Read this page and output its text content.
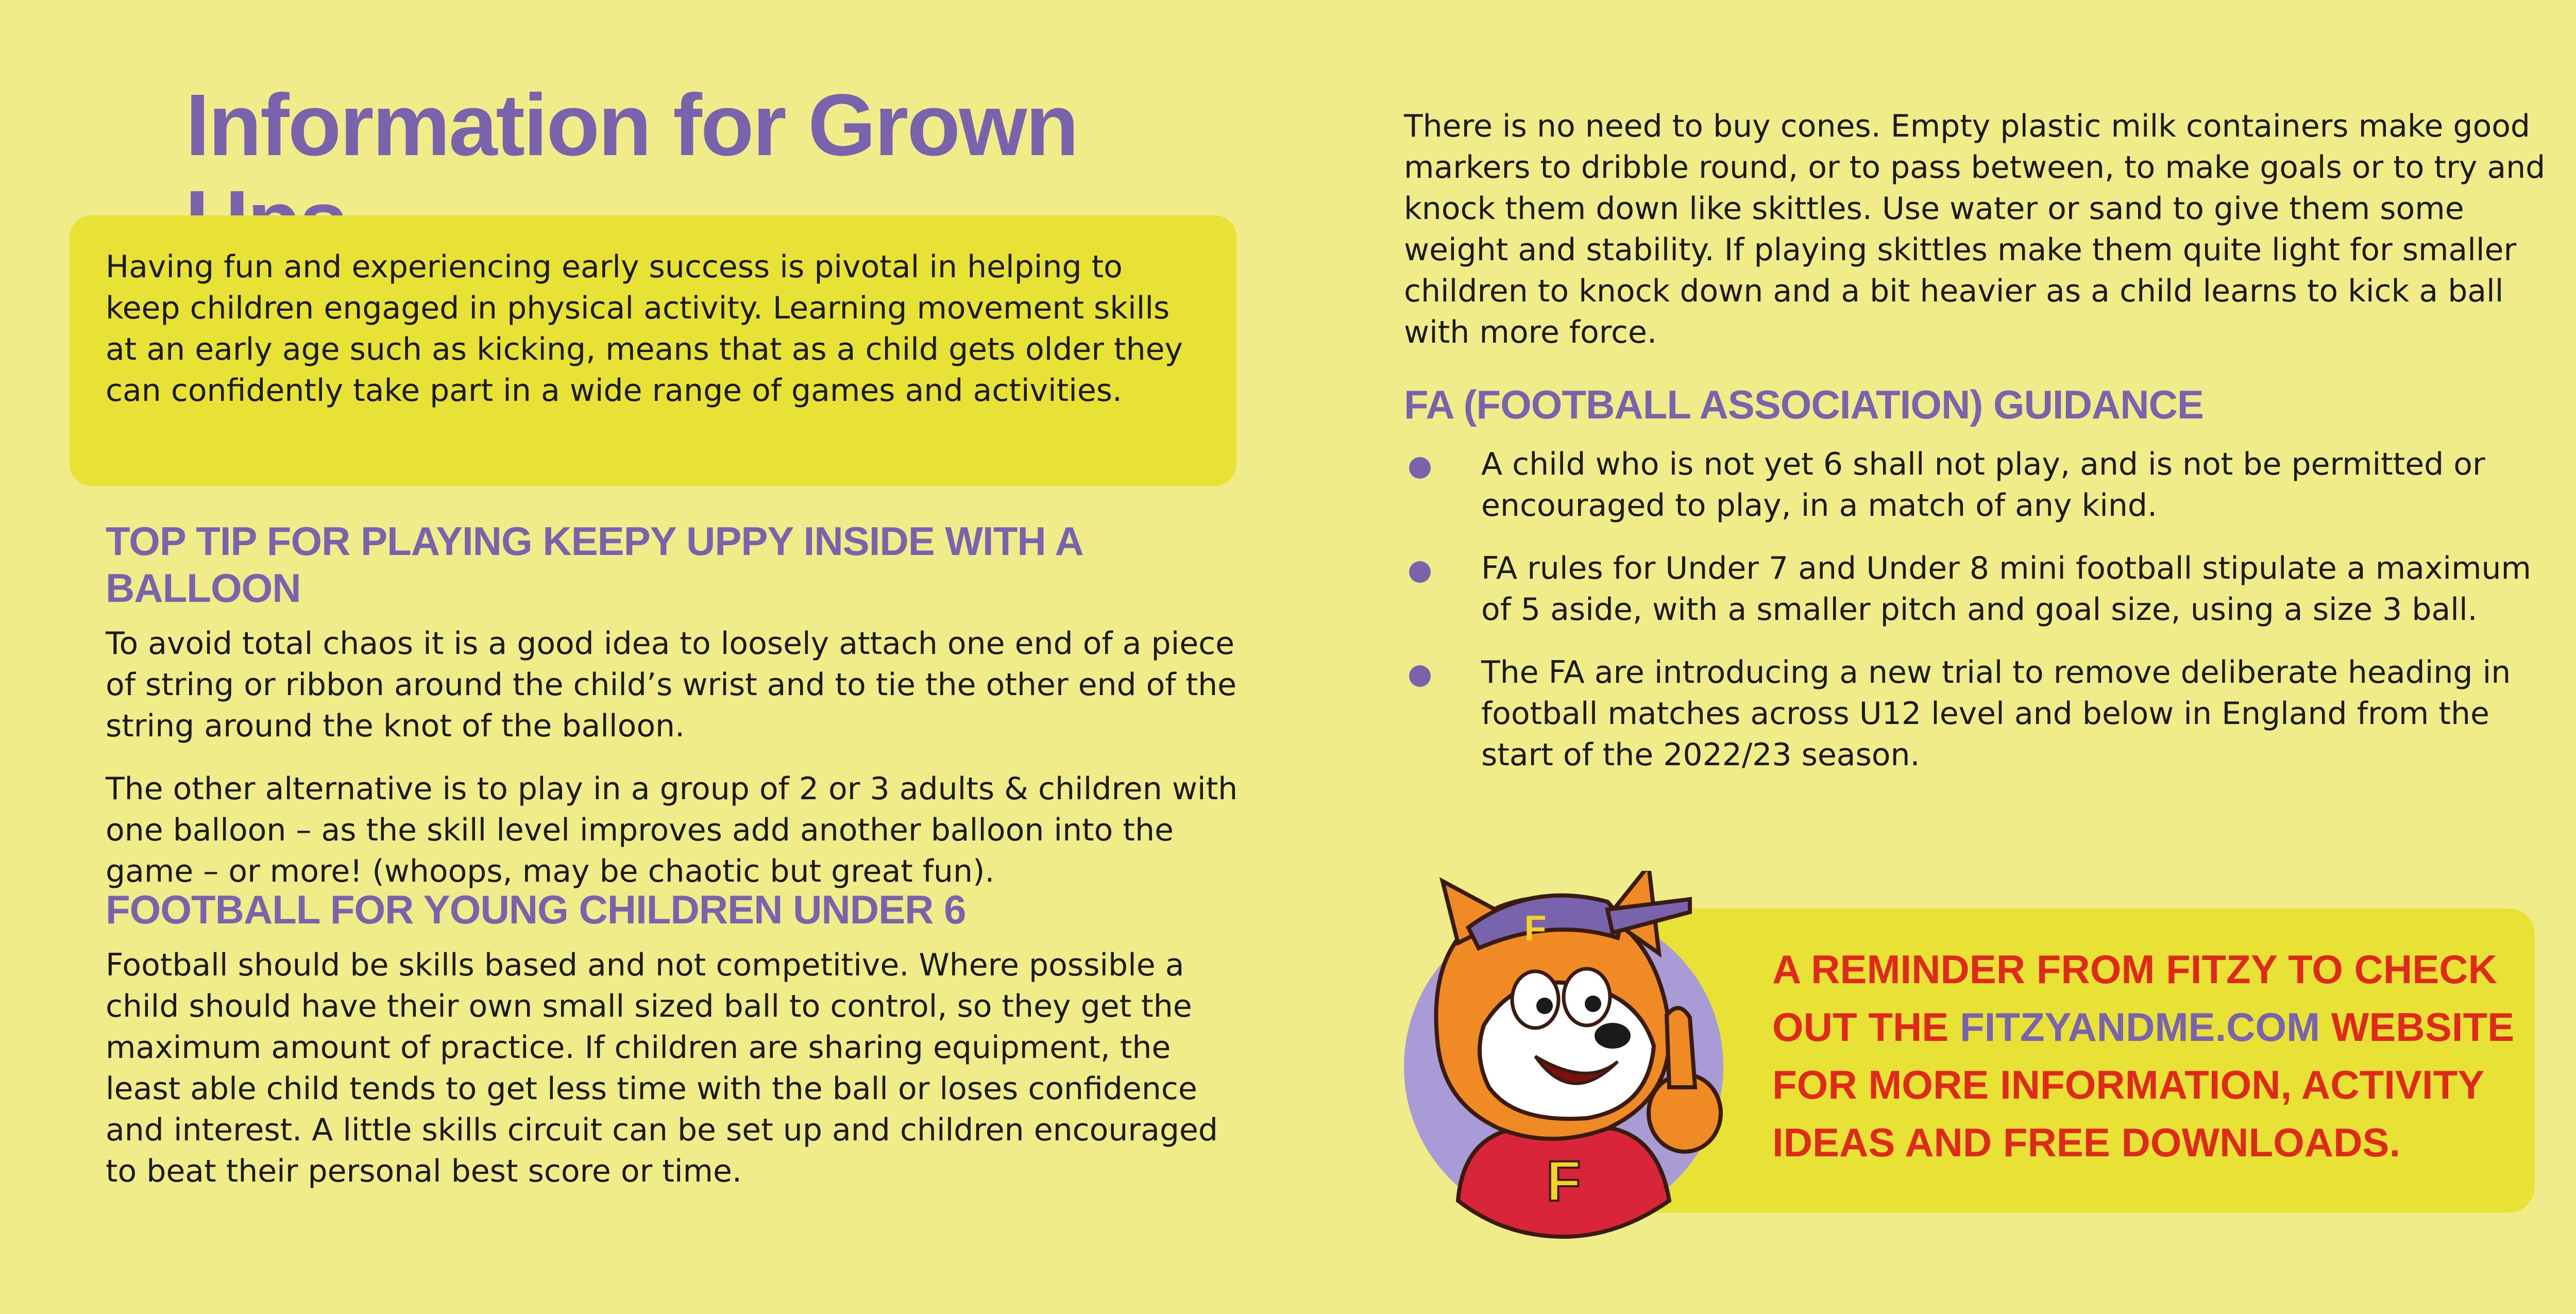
Information for Grown

Having fun and experiencing early success is pivotal in helping to keep children engaged in physical activity. Learning movement skills at an early age such as kicking, means that as a child gets older they can confidently take part in a wide range of games and activities.

TOP TIP FOR PLAYING KEEPY UPPY INSIDE WITH A BALLOON

To avoid total chaos it is a good idea to loosely attach one end of a piece of string or ribbon around the child’s wrist and to tie the other end of the string around the knot of the balloon.

The other alternative is to play in a group of 2 or 3 adults & children with one balloon – as the skill level improves add another balloon into the game – or more! (whoops, may be chaotic but great fun).

FOOTBALL FOR YOUNG CHILDREN UNDER 6

Football should be skills based and not competitive. Where possible a child should have their own small sized ball to control, so they get the maximum amount of practice. If children are sharing equipment, the least able child tends to get less time with the ball or loses confidence and interest. A little skills circuit can be set up and children encouraged to beat their personal best score or time.

There is no need to buy cones. Empty plastic milk containers make good markers to dribble round, or to pass between, to make goals or to try and knock them down like skittles. Use water or sand to give them some weight and stability. If playing skittles make them quite light for smaller children to knock down and a bit heavier as a child learns to kick a ball with more force.

FA (FOOTBALL ASSOCIATION) GUIDANCE
A child who is not yet 6 shall not play, and is not be permitted or encouraged to play, in a match of any kind.
FA rules for Under 7 and Under 8 mini football stipulate a maximum of 5 aside, with a smaller pitch and goal size, using a size 3 ball.
The FA are introducing a new trial to remove deliberate heading in football matches across U12 level and below in England from the start of the 2022/23 season.

A REMINDER FROM FITZY TO CHECK OUT THE FITZYANDME.COM WEBSITE FOR MORE INFORMATION, ACTIVITY IDEAS AND FREE DOWNLOADS.

F
F
